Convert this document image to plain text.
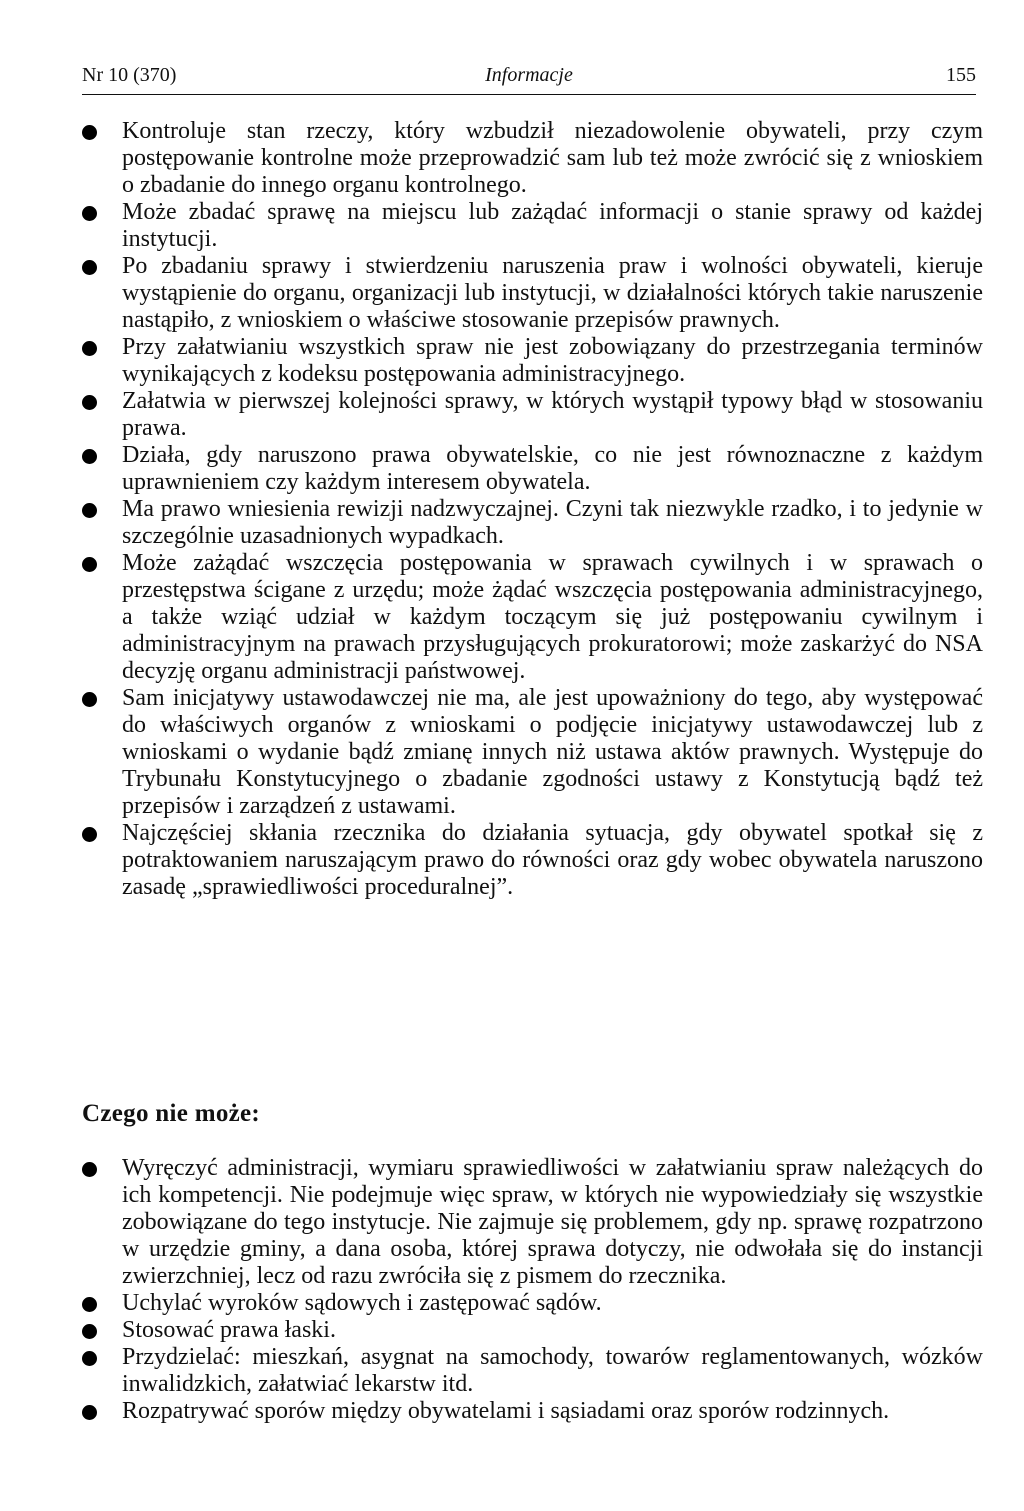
Nr 10 (370)	Informacje	155
Kontroluje stan rzeczy, który wzbudził niezadowolenie obywateli, przy czym postępowanie kontrolne może przeprowadzić sam lub też może zwrócić się z wnioskiem o zbadanie do innego organu kontrolnego.
Może zbadać sprawę na miejscu lub zażądać informacji o stanie sprawy od każdej instytucji.
Po zbadaniu sprawy i stwierdzeniu naruszenia praw i wolności obywateli, kieruje wystąpienie do organu, organizacji lub instytucji, w działalności których takie naruszenie nastąpiło, z wnioskiem o właściwe stosowanie przepisów prawnych.
Przy załatwianiu wszystkich spraw nie jest zobowiązany do przestrzegania terminów wynikających z kodeksu postępowania administracyjnego.
Załatwia w pierwszej kolejności sprawy, w których wystąpił typowy błąd w stosowaniu prawa.
Działa, gdy naruszono prawa obywatelskie, co nie jest równoznaczne z każdym uprawnieniem czy każdym interesem obywatela.
Ma prawo wniesienia rewizji nadzwyczajnej. Czyni tak niezwykle rzadko, i to jedynie w szczególnie uzasadnionych wypadkach.
Może zażądać wszczęcia postępowania w sprawach cywilnych i w sprawach o przestępstwa ścigane z urzędu; może żądać wszczęcia postępowania administracyjnego, a także wziąć udział w każdym toczącym się już postępowaniu cywilnym i administracyjnym na prawach przysługujących prokuratorowi; może zaskarżyć do NSA decyzję organu administracji państwowej.
Sam inicjatywy ustawodawczej nie ma, ale jest upoważniony do tego, aby występować do właściwych organów z wnioskami o podjęcie inicjatywy ustawodawczej lub z wnioskami o wydanie bądź zmianę innych niż ustawa aktów prawnych. Występuje do Trybunału Konstytucyjnego o zbadanie zgodności ustawy z Konstytucją bądź też przepisów i zarządzeń z ustawami.
Najczęściej skłania rzecznika do działania sytuacja, gdy obywatel spotkał się z potraktowaniem naruszającym prawo do równości oraz gdy wobec obywatela naruszono zasadę „sprawiedliwości proceduralnej”.
Czego nie może:
Wyręczyć administracji, wymiaru sprawiedliwości w załatwianiu spraw należących do ich kompetencji. Nie podejmuje więc spraw, w których nie wypowiedziały się wszystkie zobowiązane do tego instytucje. Nie zajmuje się problemem, gdy np. sprawę rozpatrzono w urzędzie gminy, a dana osoba, której sprawa dotyczy, nie odwołała się do instancji zwierzchniej, lecz od razu zwróciła się z pismem do rzecznika.
Uchylać wyroków sądowych i zastępować sądów.
Stosować prawa łaski.
Przydzielać: mieszkań, asygnat na samochody, towarów reglamentowanych, wózków inwalidzkich, załatwiać lekarstw itd.
Rozpatrywać sporów między obywatelami i sąsiadami oraz sporów rodzinnych.
